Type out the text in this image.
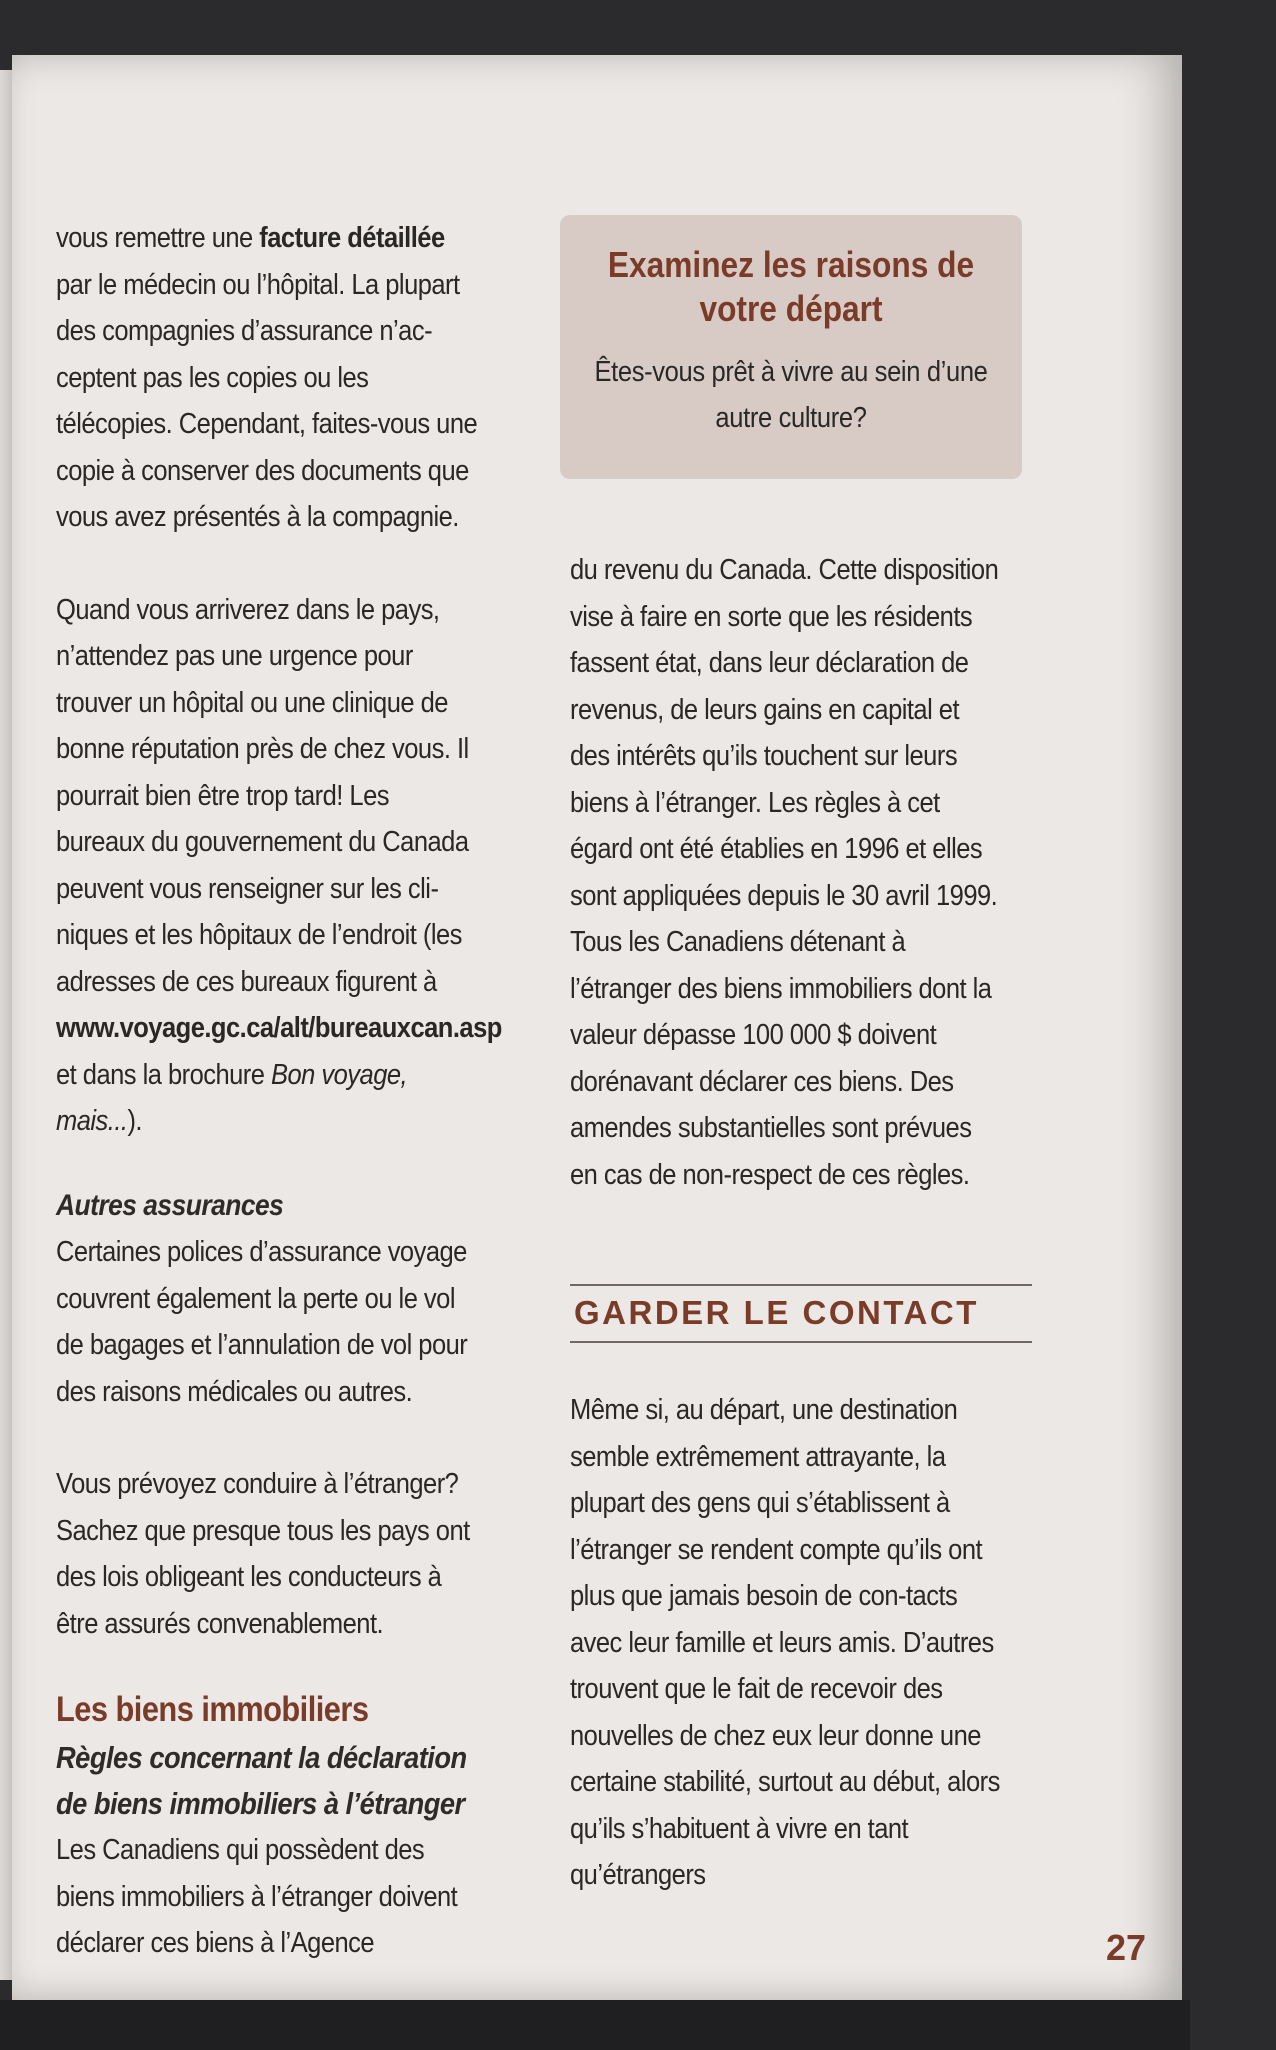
vous remettre une facture détaillée par le médecin ou l’hôpital. La plupart des compagnies d’assurance n’ac-ceptent pas les copies ou les télécopies. Cependant, faites-vous une copie à conserver des documents que vous avez présentés à la compagnie.

Quand vous arriverez dans le pays, n’attendez pas une urgence pour trouver un hôpital ou une clinique de bonne réputation près de chez vous. Il pourrait bien être trop tard! Les bureaux du gouvernement du Canada peuvent vous renseigner sur les cli-niques et les hôpitaux de l’endroit (les adresses de ces bureaux figurent à www.voyage.gc.ca/alt/bureauxcan.asp et dans la brochure Bon voyage, mais...).

Autres assurances

Certaines polices d’assurance voyage couvrent également la perte ou le vol de bagages et l’annulation de vol pour des raisons médicales ou autres.

Vous prévoyez conduire à l’étranger? Sachez que presque tous les pays ont des lois obligeant les conducteurs à être assurés convenablement.

Les biens immobiliers

Règles concernant la déclaration de biens immobiliers à l’étranger

Les Canadiens qui possèdent des biens immobiliers à l’étranger doivent déclarer ces biens à l’Agence

Examinez les raisons de votre départ
Êtes-vous prêt à vivre au sein d’une autre culture?

du revenu du Canada. Cette disposition vise à faire en sorte que les résidents fassent état, dans leur déclaration de revenus, de leurs gains en capital et des intérêts qu’ils touchent sur leurs biens à l’étranger. Les règles à cet égard ont été établies en 1996 et elles sont appliquées depuis le 30 avril 1999. Tous les Canadiens détenant à l’étranger des biens immobiliers dont la valeur dépasse 100 000 $ doivent dorénavant déclarer ces biens. Des amendes substantielles sont prévues en cas de non-respect de ces règles.

GARDER LE CONTACT

Même si, au départ, une destination semble extrêmement attrayante, la plupart des gens qui s’établissent à l’étranger se rendent compte qu’ils ont plus que jamais besoin de con-tacts avec leur famille et leurs amis. D’autres trouvent que le fait de recevoir des nouvelles de chez eux leur donne une certaine stabilité, surtout au début, alors qu’ils s’habituent à vivre en tant qu’étrangers

27
